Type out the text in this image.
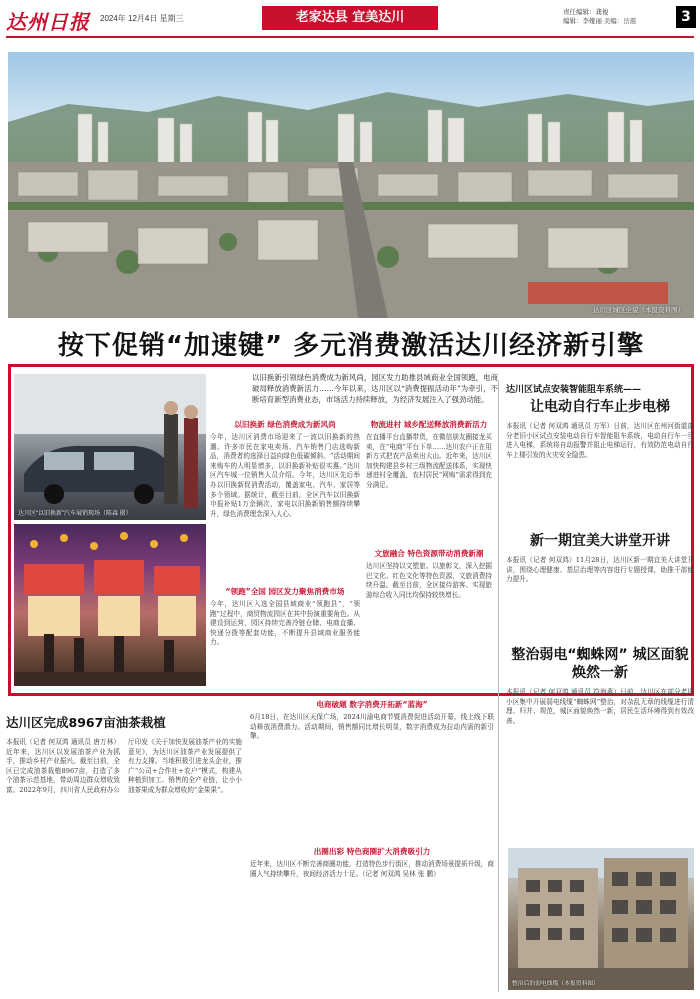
达州日报	2024年 12月4日 星期三	老家达县 宜美达川	责任编辑：龚俊
编辑：李娅丽 美编：岳震	3
达川区城区全貌（本报资料图）
按下促销“加速键” 多元消费激活达川经济新引擎
达川区“以旧换新”汽车展销现场（陈森 摄）
以旧换新引领绿色消费成为新风尚，园区发力助推县域商业全国领跑，电商破局释放消费新活力……今年以来，达川区以“消费提振活动年”为牵引，不断培育新型消费业态，市场活力持续释放，为经济发展注入了强劲动能。
以旧换新 绿色消费成为新风尚
今年，达川区消费市场迎来了一波以旧换新的热潮。许多市民在家电卖场、汽车销售门店选购新品，消费者的选择日益向绿色低碳倾斜。“活动期间来购车的人明显增多，以旧换新补贴很实惠。”达川区汽车城一位销售人员介绍。今年，达川区先后举办以旧换新促消费活动，覆盖家电、汽车、家居等多个领域。据统计，截至目前，全区汽车以旧换新申报补贴1万余辆次，家电以旧换新销售额持续攀升，绿色消费理念深入人心。
“领跑”全国 园区发力聚焦消费市场
今年，达川区入选全国县域商业“领跑县”，“领跑”过程中，商贸物流园区在其中扮演重要角色。从建设到运营，园区持续完善冷链仓储、电商直播、快递分拨等配套功能，不断提升县域商业服务能力。
物流进村 城乡配送释放消费新活力
在直播平台直播带货，在微信朋友圈接龙买卖，在“电商”平台下单……达川农户正在用新方式把农产品卖出大山。近年来，达川区加快构建县乡村三级物流配送体系，实现快递进村全覆盖，农村居民“网购”需求得到充分满足。
文旅融合 特色资源带动消费新潮
达川区坚持以文塑旅、以旅彰文，深入挖掘巴文化、红色文化等特色资源，文旅消费持续升温。截至目前，全区接待游客、实现旅游综合收入同比均保持较快增长。
电商破题 数字消费开拓新“蓝海”
6月18日，在达川区天保广场，2024川渝电商节暨消费促进活动开幕，线上线下联动释放消费潜力。活动期间，销售额同比增长明显，数字消费成为拉动内需的新引擎。
出圈出彩 特色商圈扩大消费吸引力
近年来，达川区不断完善商圈功能，打造特色步行街区，推动消费场景提质升级，商圈人气持续攀升，夜间经济活力十足。（记者 何双鸿 吴林 张 鹏）
达川区试点安装智能阻车系统——
让电动自行车止步电梯
本报讯（记者 何双鸿 通讯员 方军）日前，达川区在州河街道部分老旧小区试点安装电动自行车智能阻车系统，电动自行车一旦进入电梯，系统将自动报警并阻止电梯运行，有效防范电动自行车上楼引发的火灾安全隐患。
新一期宜美大讲堂开讲
本报讯（记者 何双鸿）11月28日，达川区新一期宜美大讲堂开讲，围绕心理健康、基层治理等内容进行专题授课，助推干部能力提升。
整治弱电“蜘蛛网” 城区面貌焕然一新
本报讯（记者 何双鸿 通讯员 符海燕）日前，达川区在部分老旧小区集中开展弱电线缆“蜘蛛网”整治，对杂乱无章的线缆进行清理、归并、规范，城区面貌焕然一新，居民生活环境得到有效改善。
整治后的弱电线缆（本报资料图）
达川区完成8967亩油茶栽植
本报讯（记者 何双鸿 通讯员 唐万林）近年来，达川区以发展油茶产业为抓手，推动乡村产业振兴。截至目前，全区已完成油茶栽植8967亩，打造了多个油茶示范基地，带动周边群众增收致富。2022年9月，四川省人民政府办公厅印发《关于加快发展油茶产业的实施意见》，为达川区油茶产业发展提供了有力支撑。当地积极引进龙头企业，推广“公司+合作社+农户”模式，构建从种植到加工、销售的全产业链，让小小油茶果成为群众增收的“金果果”。
